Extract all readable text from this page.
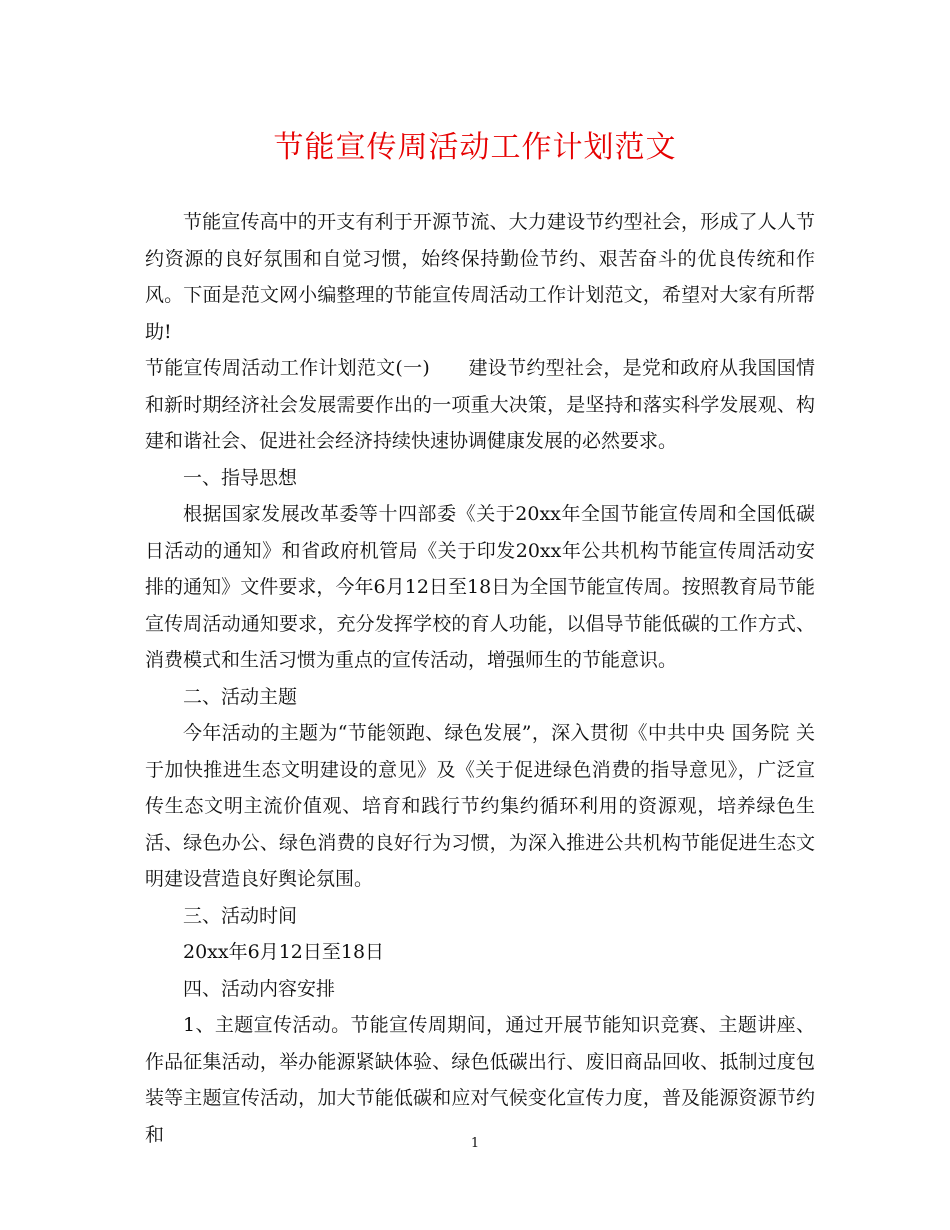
节能宣传周活动工作计划范文

节能宣传高中的开支有利于开源节流、大力建设节约型社会，形成了人人节约资源的良好氛围和自觉习惯，始终保持勤俭节约、艰苦奋斗的优良传统和作风。下面是范文网小编整理的节能宣传周活动工作计划范文，希望对大家有所帮助!

节能宣传周活动工作计划范文(一)　　建设节约型社会，是党和政府从我国国情和新时期经济社会发展需要作出的一项重大决策，是坚持和落实科学发展观、构建和谐社会、促进社会经济持续快速协调健康发展的必然要求。

一、指导思想

根据国家发展改革委等十四部委《关于20xx年全国节能宣传周和全国低碳日活动的通知》和省政府机管局《关于印发20xx年公共机构节能宣传周活动安排的通知》文件要求，今年6月12日至18日为全国节能宣传周。按照教育局节能宣传周活动通知要求，充分发挥学校的育人功能，以倡导节能低碳的工作方式、消费模式和生活习惯为重点的宣传活动，增强师生的节能意识。

二、活动主题

今年活动的主题为“节能领跑、绿色发展”，深入贯彻《中共中央 国务院 关于加快推进生态文明建设的意见》及《关于促进绿色消费的指导意见》，广泛宣传生态文明主流价值观、培育和践行节约集约循环利用的资源观，培养绿色生活、绿色办公、绿色消费的良好行为习惯，为深入推进公共机构节能促进生态文明建设营造良好舆论氛围。

三、活动时间

20xx年6月12日至18日

四、活动内容安排

1、主题宣传活动。节能宣传周期间，通过开展节能知识竞赛、主题讲座、作品征集活动，举办能源紧缺体验、绿色低碳出行、废旧商品回收、抵制过度包装等主题宣传活动，加大节能低碳和应对气候变化宣传力度，普及能源资源节约和	1
